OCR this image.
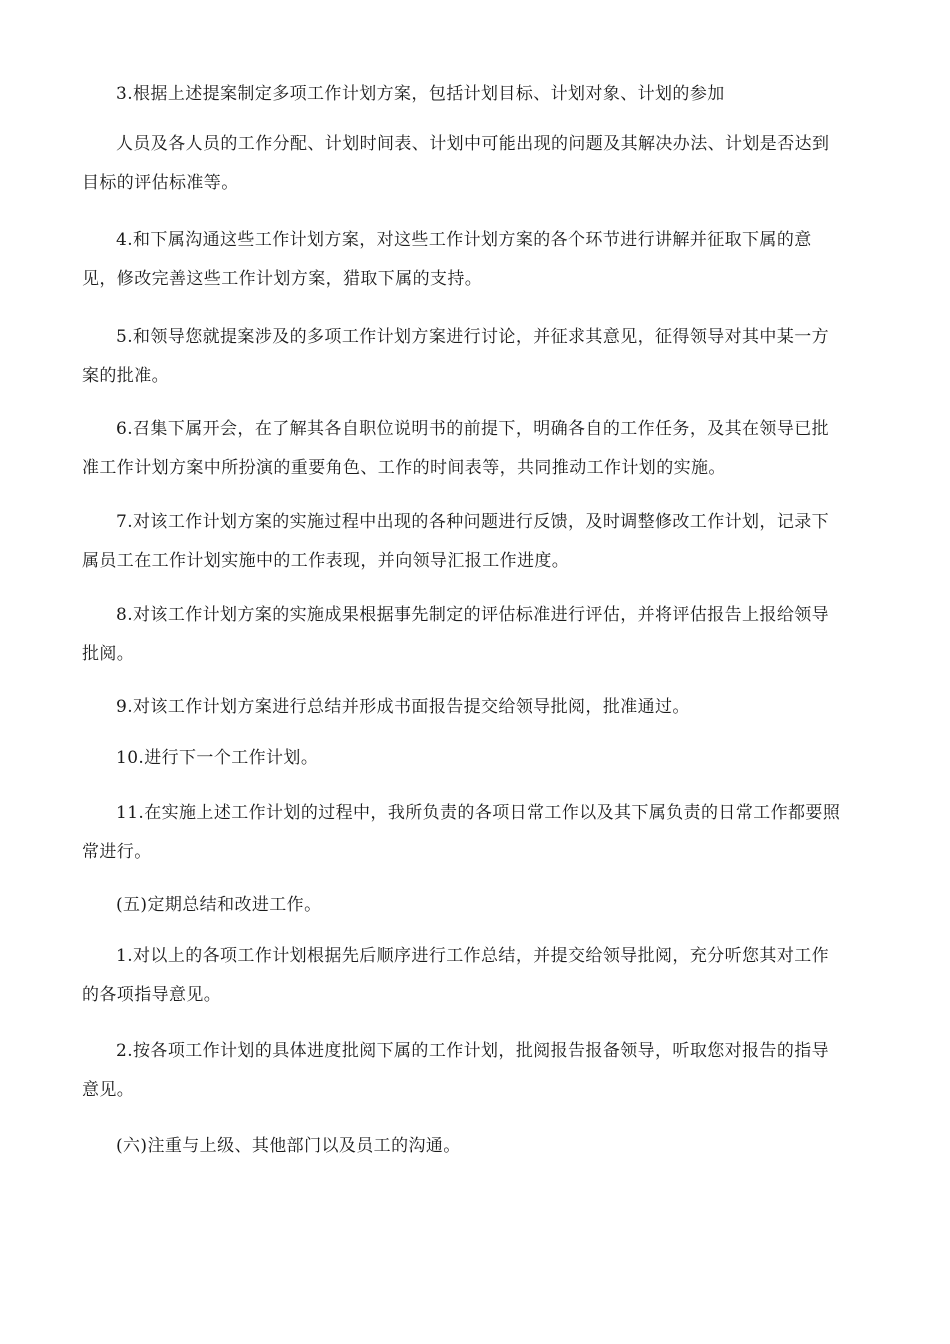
3.根据上述提案制定多项工作计划方案，包括计划目标、计划对象、计划的参加

人员及各人员的工作分配、计划时间表、计划中可能出现的问题及其解决办法、计划是否达到
目标的评估标准等。

4.和下属沟通这些工作计划方案，对这些工作计划方案的各个环节进行讲解并征取下属的意
见，修改完善这些工作计划方案，猎取下属的支持。

5.和领导您就提案涉及的多项工作计划方案进行讨论，并征求其意见，征得领导对其中某一方
案的批准。

6.召集下属开会，在了解其各自职位说明书的前提下，明确各自的工作任务，及其在领导已批
准工作计划方案中所扮演的重要角色、工作的时间表等，共同推动工作计划的实施。

7.对该工作计划方案的实施过程中出现的各种问题进行反馈，及时调整修改工作计划，记录下
属员工在工作计划实施中的工作表现，并向领导汇报工作进度。

8.对该工作计划方案的实施成果根据事先制定的评估标准进行评估，并将评估报告上报给领导
批阅。

9.对该工作计划方案进行总结并形成书面报告提交给领导批阅，批准通过。

10.进行下一个工作计划。

11.在实施上述工作计划的过程中，我所负责的各项日常工作以及其下属负责的日常工作都要照
常进行。

(五)定期总结和改进工作。

1.对以上的各项工作计划根据先后顺序进行工作总结，并提交给领导批阅，充分听您其对工作
的各项指导意见。

2.按各项工作计划的具体进度批阅下属的工作计划，批阅报告报备领导，听取您对报告的指导
意见。

(六)注重与上级、其他部门以及员工的沟通。
